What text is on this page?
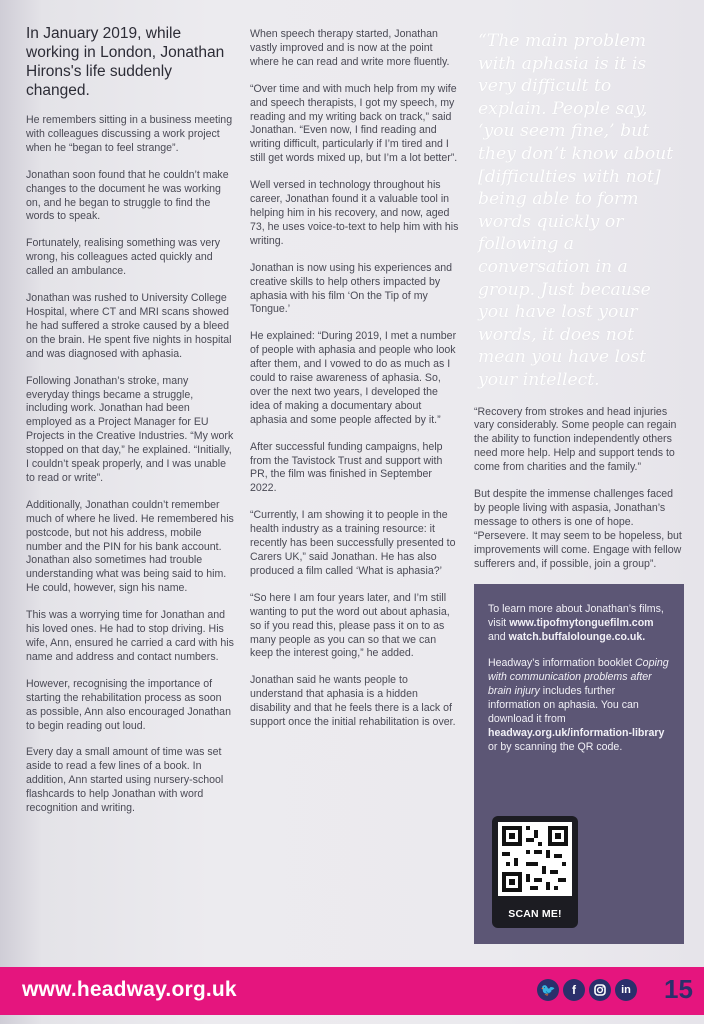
In January 2019, while working in London, Jonathan Hirons's life suddenly changed.

He remembers sitting in a business meeting with colleagues discussing a work project when he “began to feel strange”.

Jonathan soon found that he couldn’t make changes to the document he was working on, and he began to struggle to find the words to speak.

Fortunately, realising something was very wrong, his colleagues acted quickly and called an ambulance.

Jonathan was rushed to University College Hospital, where CT and MRI scans showed he had suffered a stroke caused by a bleed on the brain. He spent five nights in hospital and was diagnosed with aphasia.

Following Jonathan’s stroke, many everyday things became a struggle, including work. Jonathan had been employed as a Project Manager for EU Projects in the Creative Industries. “My work stopped on that day,” he explained. “Initially, I couldn’t speak properly, and I was unable to read or write”.

Additionally, Jonathan couldn’t remember much of where he lived. He remembered his postcode, but not his address, mobile number and the PIN for his bank account. Jonathan also sometimes had trouble understanding what was being said to him. He could, however, sign his name.

This was a worrying time for Jonathan and his loved ones. He had to stop driving. His wife, Ann, ensured he carried a card with his name and address and contact numbers.

However, recognising the importance of starting the rehabilitation process as soon as possible, Ann also encouraged Jonathan to begin reading out loud.

Every day a small amount of time was set aside to read a few lines of a book. In addition, Ann started using nursery-school flashcards to help Jonathan with word recognition and writing.

When speech therapy started, Jonathan vastly improved and is now at the point where he can read and write more fluently.

“Over time and with much help from my wife and speech therapists, I got my speech, my reading and my writing back on track,” said Jonathan. “Even now, I find reading and writing difficult, particularly if I’m tired and I still get words mixed up, but I’m a lot better”.

Well versed in technology throughout his career, Jonathan found it a valuable tool in helping him in his recovery, and now, aged 73, he uses voice-to-text to help him with his writing.

Jonathan is now using his experiences and creative skills to help others impacted by aphasia with his film ‘On the Tip of my Tongue.’

He explained: “During 2019, I met a number of people with aphasia and people who look after them, and I vowed to do as much as I could to raise awareness of aphasia. So, over the next two years, I developed the idea of making a documentary about aphasia and some people affected by it.”

After successful funding campaigns, help from the Tavistock Trust and support with PR, the film was finished in September 2022.

“Currently, I am showing it to people in the health industry as a training resource: it recently has been successfully presented to Carers UK,” said Jonathan. He has also produced a film called ‘What is aphasia?’

“So here I am four years later, and I’m still wanting to put the word out about aphasia, so if you read this, please pass it on to as many people as you can so that we can keep the interest going,” he added.

Jonathan said he wants people to understand that aphasia is a hidden disability and that he feels there is a lack of support once the initial rehabilitation is over.

“The main problem with aphasia is it is very difficult to explain. People say, ‘you seem fine,’ but they don’t know about [difficulties with not] being able to form words quickly or following a conversation in a group. Just because you have lost your words, it does not mean you have lost your intellect.

“Recovery from strokes and head injuries vary considerably. Some people can regain the ability to function independently others need more help. Help and support tends to come from charities and the family.”

But despite the immense challenges faced by people living with aspasia, Jonathan’s message to others is one of hope. “Persevere. It may seem to be hopeless, but improvements will come. Engage with fellow sufferers and, if possible, join a group”.

To learn more about Jonathan’s films, visit www.tipofmytonguefilm.com and watch.buffalolounge.co.uk.

Headway’s information booklet Coping with communication problems after brain injury includes further information on aphasia. You can download it from headway.org.uk/information-library or by scanning the QR code.

SCAN ME!
www.headway.org.uk	🐦	f	in 15
